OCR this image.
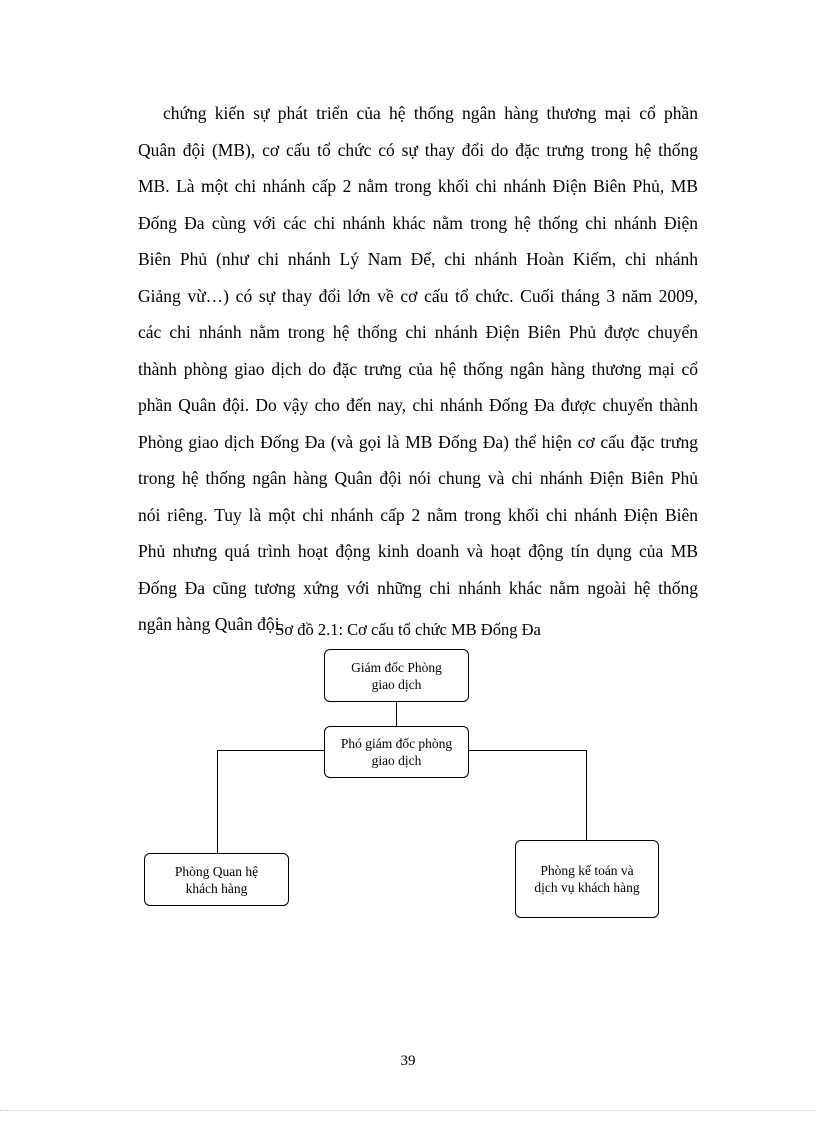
chứng kiến sự phát triển của hệ thống ngân hàng thương mại cổ phần
Quân đội (MB), cơ cấu tổ chức có sự thay đổi do đặc trưng trong hệ thống
MB. Là một chi nhánh cấp 2 nằm trong khối chi nhánh Điện Biên Phủ, MB
Đống Đa cùng với các chi nhánh khác nằm trong hệ thống chi nhánh Điện
Biên Phủ (như chi nhánh Lý Nam Đế, chi nhánh Hoàn Kiếm, chi nhánh
Giảng vừ…) có sự thay đổi lớn về cơ cấu tổ chức. Cuối tháng 3 năm 2009,
các chi nhánh nằm trong hệ thống chi nhánh Điện Biên Phủ được chuyển
thành phòng giao dịch do đặc trưng của hệ thống ngân hàng thương mại cổ
phần Quân đội. Do vậy cho đến nay, chi nhánh Đống Đa được chuyển thành
Phòng giao dịch Đống Đa (và gọi là MB Đống Đa) thể hiện cơ cấu đặc trưng
trong hệ thống ngân hàng Quân đội nói chung và chi nhánh Điện Biên Phủ
nói riêng. Tuy là một chi nhánh cấp 2 nằm trong khối chi nhánh Điện Biên
Phủ nhưng quá trình hoạt động kinh doanh và hoạt động tín dụng của MB
Đống Đa cũng tương xứng với những chi nhánh khác nằm ngoài hệ thống
ngân hàng Quân đội.

Sơ đồ 2.1: Cơ cấu tổ chức MB Đống Đa
Giám đốc Phòng
giao dịch
Phó giám đốc phòng
giao dịch
Phòng Quan hệ
khách hàng
Phòng kế toán và
dịch vụ khách hàng
39
